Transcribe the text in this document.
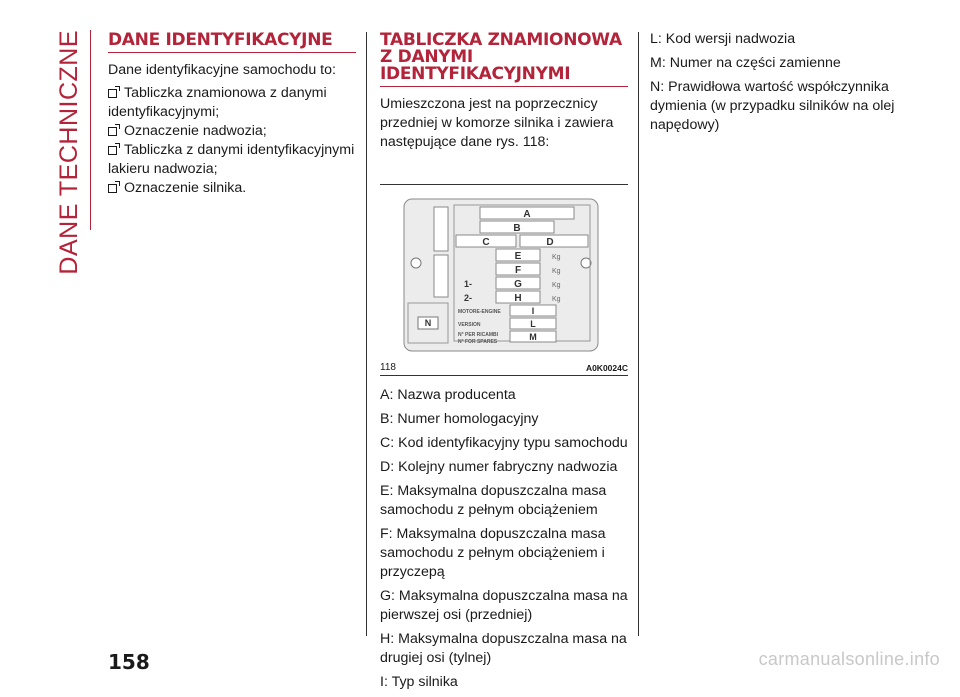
DANE TECHNICZNE DANE IDENTYFIKACYJNE

Dane identyfikacyjne samochodu to:

Tabliczka znamionowa z danymi identyfikacyjnymi;
Oznaczenie nadwozia;
Tabliczka z danymi identyfikacyjnymi lakieru nadwozia;
Oznaczenie silnika.
TABLICZKA ZNAMIONOWA Z DANYMI IDENTYFIKACYJNYMI

Umieszczona jest na poprzecznicy przedniej w komorze silnika i zawiera następujące dane rys. 118:

A
B
C	D
E
F
G
H
Kg
Kg
Kg
Kg
1-
2-
MOTORE-ENGINE
VERSION
N° PER RICAMBI
N° FOR SPARES
I
L
M
N
118	A0K0024C

A: Nazwa producenta

B: Numer homologacyjny

C: Kod identyfikacyjny typu samochodu

D: Kolejny numer fabryczny nadwozia

E: Maksymalna dopuszczalna masa samochodu z pełnym obciążeniem

F: Maksymalna dopuszczalna masa samochodu z pełnym obciążeniem i przyczepą

G: Maksymalna dopuszczalna masa na pierwszej osi (przedniej)

H: Maksymalna dopuszczalna masa na drugiej osi (tylnej)

I: Typ silnika

L: Kod wersji nadwozia

M: Numer na części zamienne

N: Prawidłowa wartość współczynnika dymienia (w przypadku silników na olej napędowy)

158	carmanualsonline.info
